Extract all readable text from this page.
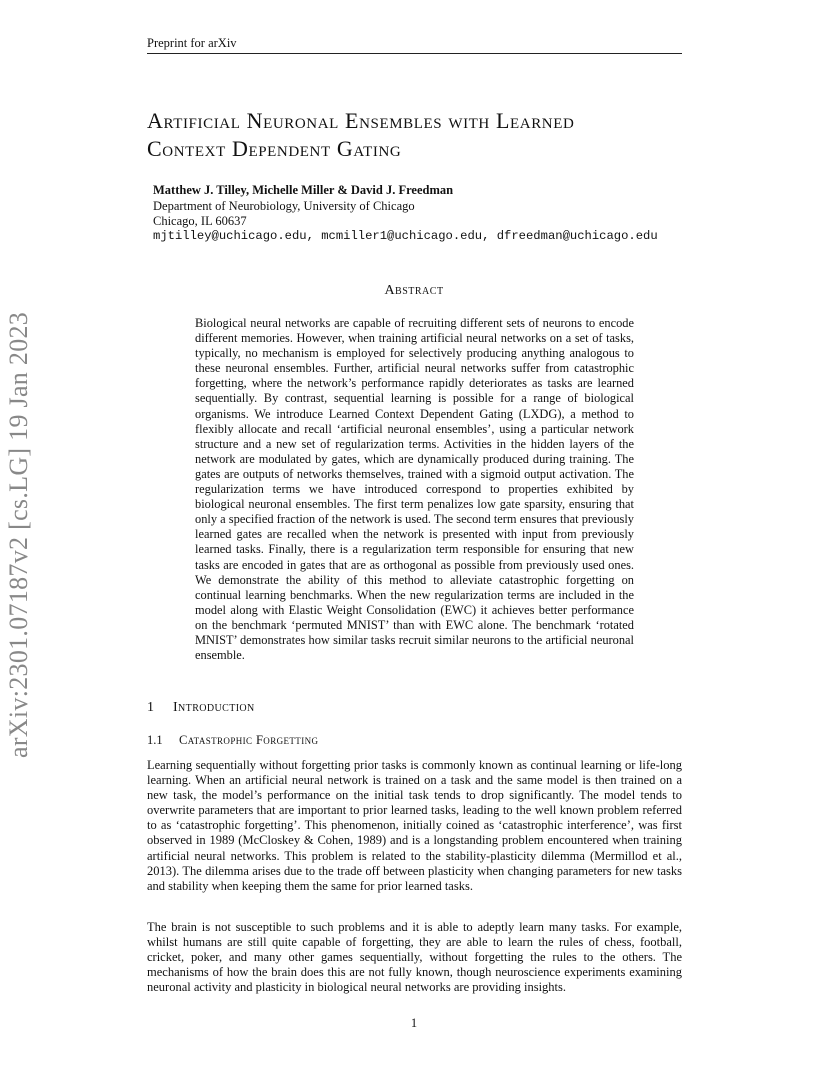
Preprint for arXiv
arXiv:2301.07187v2 [cs.LG] 19 Jan 2023
Artificial Neuronal Ensembles with Learned
Context Dependent Gating
Matthew J. Tilley, Michelle Miller & David J. Freedman
Department of Neurobiology, University of Chicago
Chicago, IL 60637
mjtilley@uchicago.edu, mcmiller1@uchicago.edu, dfreedman@uchicago.edu
Abstract

Biological neural networks are capable of recruiting different sets of neurons to encode different memories. However, when training artificial neural networks on a set of tasks, typically, no mechanism is employed for selectively producing anything analogous to these neuronal ensembles. Further, artificial neural networks suffer from catastrophic forgetting, where the network’s performance rapidly deteriorates as tasks are learned sequentially. By contrast, sequential learning is possible for a range of biological organisms. We introduce Learned Context Dependent Gating (LXDG), a method to flexibly allocate and recall ‘artificial neuronal ensembles’, using a particular network structure and a new set of regularization terms. Activities in the hidden layers of the network are modulated by gates, which are dynamically produced during training. The gates are outputs of networks themselves, trained with a sigmoid output activation. The regularization terms we have introduced correspond to properties exhibited by biological neuronal ensembles. The first term penalizes low gate sparsity, ensuring that only a specified fraction of the network is used. The second term ensures that previously learned gates are recalled when the network is presented with input from previously learned tasks. Finally, there is a regularization term responsible for ensuring that new tasks are encoded in gates that are as orthogonal as possible from previously used ones. We demonstrate the ability of this method to alleviate catastrophic forgetting on continual learning benchmarks. When the new regularization terms are included in the model along with Elastic Weight Consolidation (EWC) it achieves better performance on the benchmark ‘permuted MNIST’ than with EWC alone. The benchmark ‘rotated MNIST’ demonstrates how similar tasks recruit similar neurons to the artificial neuronal ensemble.

1 Introduction
1.1 Catastrophic Forgetting

Learning sequentially without forgetting prior tasks is commonly known as continual learning or life-long learning. When an artificial neural network is trained on a task and the same model is then trained on a new task, the model’s performance on the initial task tends to drop significantly. The model tends to overwrite parameters that are important to prior learned tasks, leading to the well known problem referred to as ‘catastrophic forgetting’. This phenomenon, initially coined as ‘catastrophic interference’, was first observed in 1989 (McCloskey & Cohen, 1989) and is a longstanding problem encountered when training artificial neural networks. This problem is related to the stability-plasticity dilemma (Mermillod et al., 2013). The dilemma arises due to the trade off between plasticity when changing parameters for new tasks and stability when keeping them the same for prior learned tasks.

The brain is not susceptible to such problems and it is able to adeptly learn many tasks. For example, whilst humans are still quite capable of forgetting, they are able to learn the rules of chess, football, cricket, poker, and many other games sequentially, without forgetting the rules to the others. The mechanisms of how the brain does this are not fully known, though neuroscience experiments examining neuronal activity and plasticity in biological neural networks are providing insights.

1
